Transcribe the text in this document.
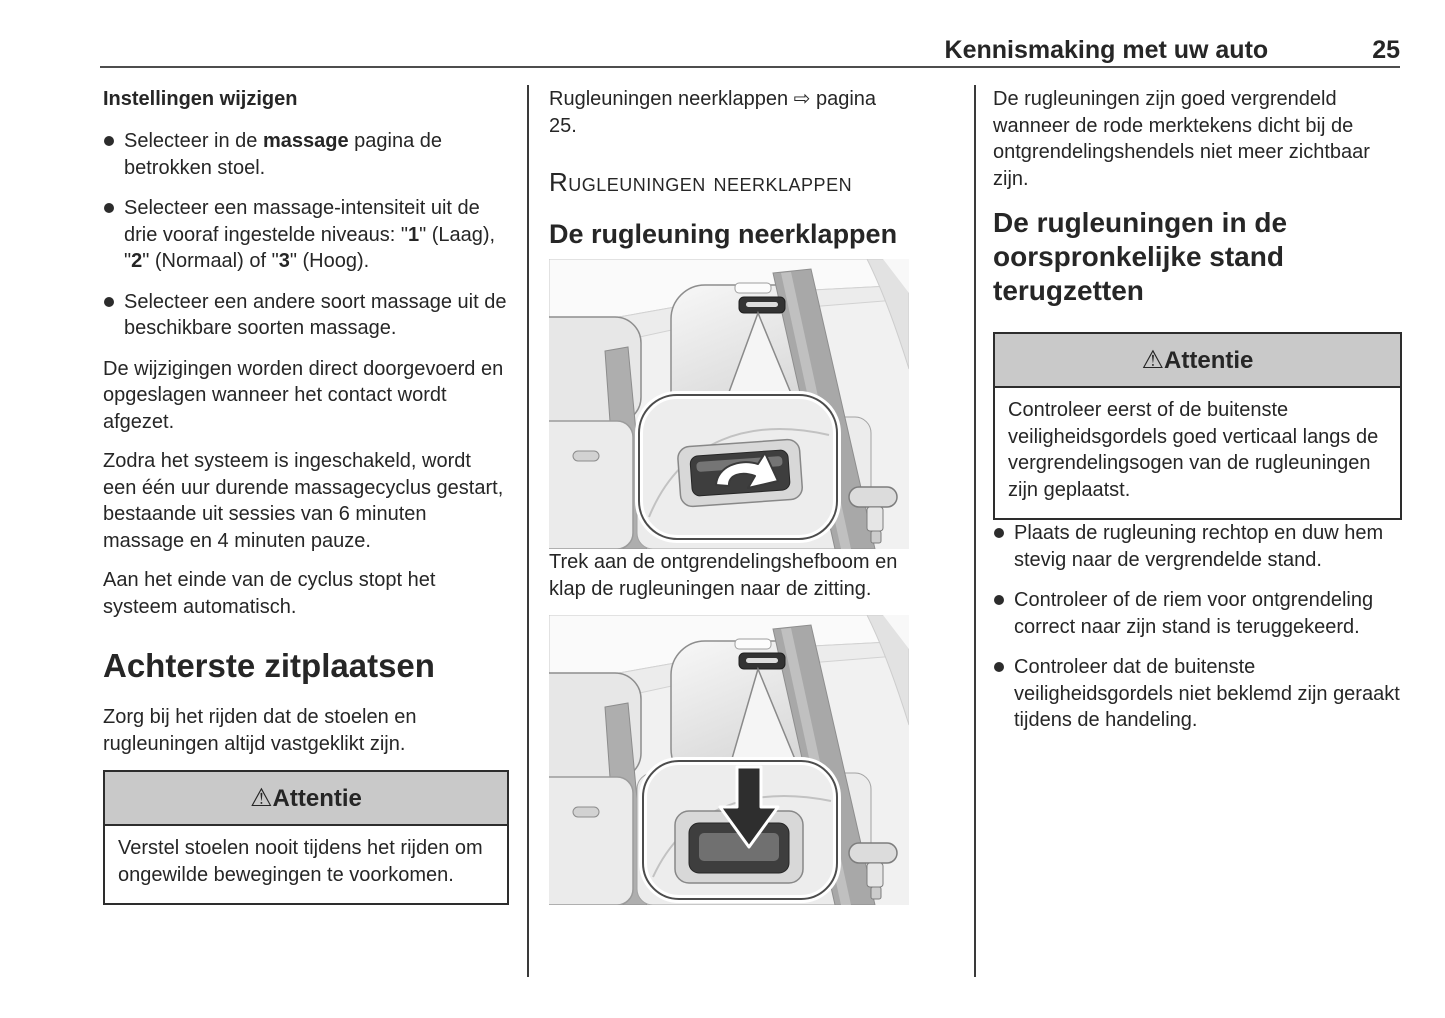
Kennismaking met uw auto	25
Instellingen wijzigen
Selecteer in de massage pagina de betrokken stoel.
Selecteer een massage-intensiteit uit de drie vooraf ingestelde niveaus: "1" (Laag), "2" (Normaal) of "3" (Hoog).
Selecteer een andere soort massage uit de beschikbare soorten massage.

De wijzigingen worden direct doorgevoerd en opgeslagen wanneer het contact wordt afgezet.

Zodra het systeem is ingeschakeld, wordt een één uur durende massagecyclus gestart, bestaande uit sessies van 6 minuten massage en 4 minuten pauze.

Aan het einde van de cyclus stopt het systeem automatisch.

Achterste zitplaatsen

Zorg bij het rijden dat de stoelen en rugleuningen altijd vastgeklikt zijn.

⚠Attentie
Verstel stoelen nooit tijdens het rijden om ongewilde bewegingen te voorkomen.

Rugleuningen neerklappen ⇨ pagina 25.

Rugleuningen neerklappen
De rugleuning neerklappen

Trek aan de ontgrendelingshefboom en klap de rugleuningen naar de zitting.

De rugleuningen zijn goed vergrendeld wanneer de rode merktekens dicht bij de ontgrendelingshendels niet meer zichtbaar zijn.

De rugleuningen in de oorspronkelijke stand terugzetten
⚠Attentie
Controleer eerst of de buitenste veiligheidsgordels goed verticaal langs de vergrendelingsogen van de rugleuningen zijn geplaatst.
Plaats de rugleuning rechtop en duw hem stevig naar de vergrendelde stand.
Controleer of de riem voor ontgrendeling correct naar zijn stand is teruggekeerd.
Controleer dat de buitenste veiligheidsgordels niet beklemd zijn geraakt tijdens de handeling.
